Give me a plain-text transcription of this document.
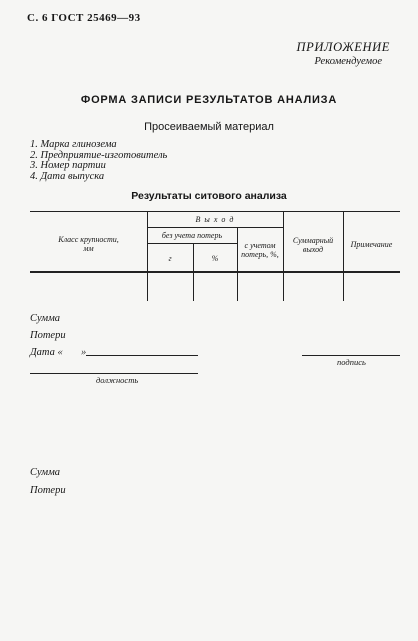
С. 6 ГОСТ 25469—93
ПРИЛОЖЕНИЕ
Рекомендуемое
ФОРМА ЗАПИСИ РЕЗУЛЬТАТОВ АНАЛИЗА
Просеиваемый материал
1. Марка глинозема
2. Предприятие-изготовитель
3. Номер партии
4. Дата выпуска
Результаты ситового анализа
Класс крупности,
мм
В ы х о д
без учета потерь
г	%
с учетом
потерь, %,
Суммарный
выход
Примечание
Сумма
Потери
Дата « »
подпись
должность
Сумма
Потери
